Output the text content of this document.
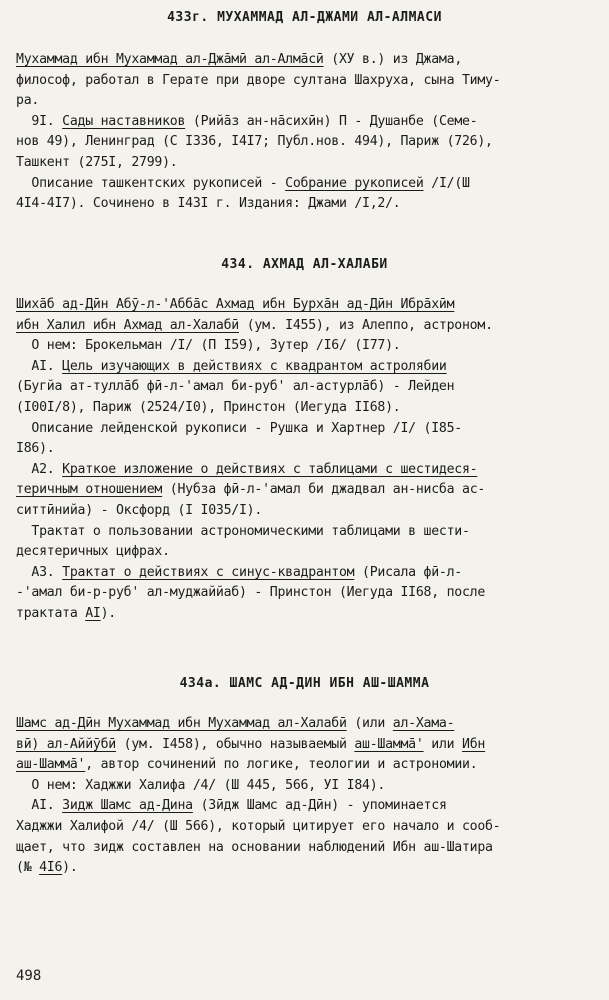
433г. МУХАММАД АЛ-ДЖАМИ АЛ-АЛМАСИ
Мухаммад ибн Мухаммад ал-Джа̄мӣ ал-Алма̄сӣ (XУ в.) из Джама,
философ, работал в Герате при дворе султана Шахруха, сына Тиму-
ра.
9I. Сады наставников (Рийа̄з ан-на̄сихӣн) П - Душанбе (Семе-
нов 49), Ленинград (С I336, I4I7; Публ.нов. 494), Париж (726),
Ташкент (275I, 2799).
Описание ташкентских рукописей - Собрание рукописей /I/(Ш
4I4-4I7). Сочинено в I43I г. Издания: Джами /I,2/.
434. АХМАД АЛ-ХАЛАБИ
Шиха̄б ад-Дӣн Абӯ-л-'Абба̄с Ахмад ибн Бурха̄н ад-Дӣн Ибра̄хӣм
ибн Халил ибн Ахмад ал-Халабӣ (ум. I455), из Алеппо, астроном.
О нем: Брокельман /I/ (П I59), Зутер /I6/ (I77).
AI. Цель изучающих в действиях с квадрантом астролябии
(Бугйа ат-тулла̄б фӣ-л-'амал би-руб' ал-астурла̄б) - Лейден
(I00I/8), Париж (2524/I0), Принстон (Иегуда II68).
Описание лейденской рукописи - Рушка и Хартнер /I/ (I85-
I86).
А2. Краткое изложение о действиях с таблицами с шестидеся-
теричным отношением (Нубза фӣ-л-'амал би джадвал ан-нисба ас-
ситтӣнийа) - Оксфорд (I I035/I).
Трактат о пользовании астрономическими таблицами в шести-
десятеричных цифрах.
А3. Трактат о действиях с синус-квадрантом (Рисала фӣ-л-
-'амал би-р-руб' ал-муджаййаб) - Принстон (Иегуда II68, после
трактата AI).
434а. ШАМС АД-ДИН ИБН АШ-ШАММА
Шамс ад-Дӣн Мухаммад ибн Мухаммад ал-Халабӣ (или ал-Хама-
вӣ) ал-Аййӯбӣ (ум. I458), обычно называемый аш-Шамма̄' или Ибн
аш-Шамма̄', автор сочинений по логике, теологии и астрономии.
О нем: Хаджжи Халифа /4/ (Ш 445, 566, УI I84).
AI. Зидж Шамс ад-Дина (Зӣдж Шамс ад-Дӣн) - упоминается
Хаджжи Халифой /4/ (Ш 566), который цитирует его начало и сооб-
щает, что зидж составлен на основании наблюдений Ибн аш-Шатира
(№ 4I6).
498
